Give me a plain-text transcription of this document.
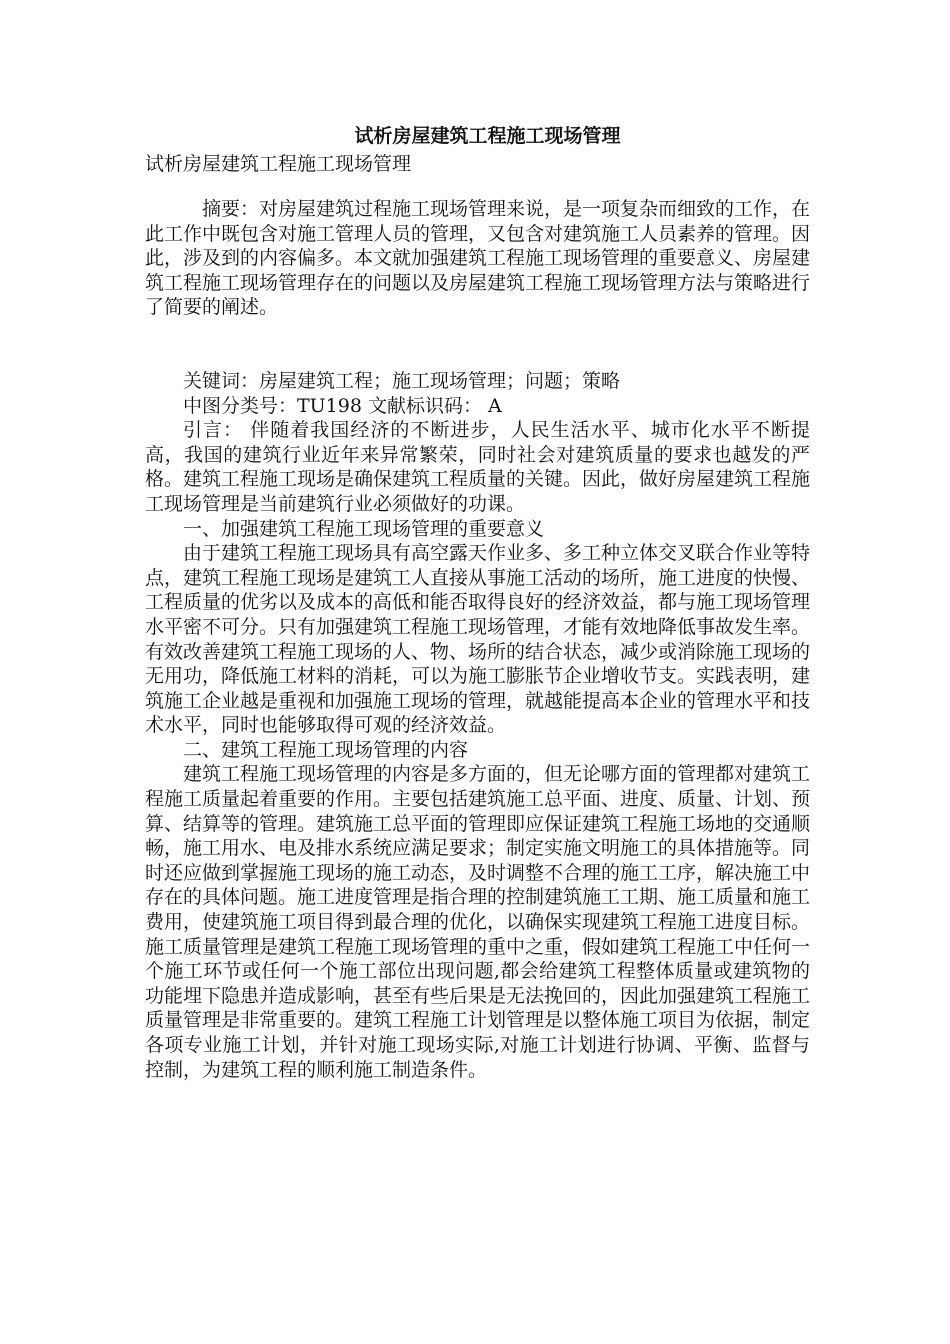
试析房屋建筑工程施工现场管理
试析房屋建筑工程施工现场管理

摘要：对房屋建筑过程施工现场管理来说，是一项复杂而细致的工作，在此工作中既包含对施工管理人员的管理，又包含对建筑施工人员素养的管理。因此，涉及到的内容偏多。本文就加强建筑工程施工现场管理的重要意义、房屋建筑工程施工现场管理存在的问题以及房屋建筑工程施工现场管理方法与策略进行了简要的阐述。

关键词：房屋建筑工程；施工现场管理；问题；策略

中图分类号：TU198 文献标识码： A

引言： 伴随着我国经济的不断进步，人民生活水平、城市化水平不断提高，我国的建筑行业近年来异常繁荣，同时社会对建筑质量的要求也越发的严格。建筑工程施工现场是确保建筑工程质量的关键。因此，做好房屋建筑工程施工现场管理是当前建筑行业必须做好的功课。

一、加强建筑工程施工现场管理的重要意义

由于建筑工程施工现场具有高空露天作业多、多工种立体交叉联合作业等特点，建筑工程施工现场是建筑工人直接从事施工活动的场所，施工进度的快慢、工程质量的优劣以及成本的高低和能否取得良好的经济效益，都与施工现场管理水平密不可分。只有加强建筑工程施工现场管理，才能有效地降低事故发生率。有效改善建筑工程施工现场的人、物、场所的结合状态，减少或消除施工现场的无用功，降低施工材料的消耗，可以为施工膨胀节企业增收节支。实践表明，建筑施工企业越是重视和加强施工现场的管理，就越能提高本企业的管理水平和技术水平，同时也能够取得可观的经济效益。

二、建筑工程施工现场管理的内容

建筑工程施工现场管理的内容是多方面的，但无论哪方面的管理都对建筑工程施工质量起着重要的作用。主要包括建筑施工总平面、进度、质量、计划、预算、结算等的管理。建筑施工总平面的管理即应保证建筑工程施工场地的交通顺畅，施工用水、电及排水系统应满足要求；制定实施文明施工的具体措施等。同时还应做到掌握施工现场的施工动态，及时调整不合理的施工工序，解决施工中存在的具体问题。施工进度管理是指合理的控制建筑施工工期、施工质量和施工费用，使建筑施工项目得到最合理的优化，以确保实现建筑工程施工进度目标。施工质量管理是建筑工程施工现场管理的重中之重，假如建筑工程施工中任何一个施工环节或任何一个施工部位出现问题,都会给建筑工程整体质量或建筑物的功能埋下隐患并造成影响，甚至有些后果是无法挽回的，因此加强建筑工程施工质量管理是非常重要的。建筑工程施工计划管理是以整体施工项目为依据，制定各项专业施工计划，并针对施工现场实际,对施工计划进行协调、平衡、监督与控制，为建筑工程的顺利施工制造条件。
